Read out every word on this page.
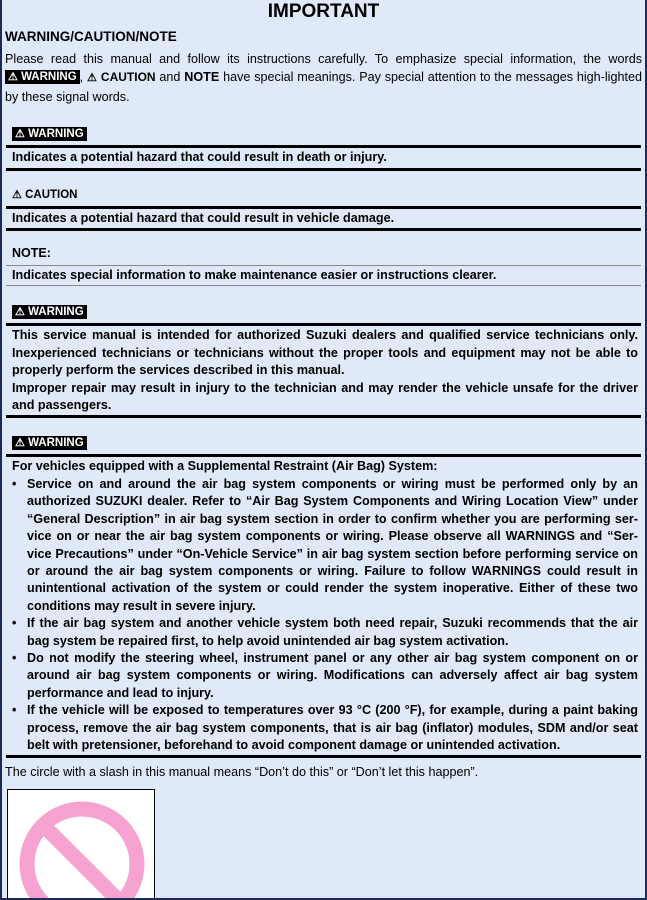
IMPORTANT
WARNING/CAUTION/NOTE

Please read this manual and follow its instructions carefully. To emphasize special information, the words ⚠ WARNING , ⚠ CAUTION and NOTE have special meanings. Pay special attention to the messages high-lighted by these signal words.

⚠ WARNING
Indicates a potential hazard that could result in death or injury.
⚠ CAUTION
Indicates a potential hazard that could result in vehicle damage.
NOTE:
Indicates special information to make maintenance easier or instructions clearer.
⚠ WARNING
This service manual is intended for authorized Suzuki dealers and qualified service technicians only. Inexperienced technicians or technicians without the proper tools and equipment may not be able to properly perform the services described in this manual.
Improper repair may result in injury to the technician and may render the vehicle unsafe for the driver and passengers.
⚠ WARNING
For vehicles equipped with a Supplemental Restraint (Air Bag) System:
• Service on and around the air bag system components or wiring must be performed only by an authorized SUZUKI dealer. Refer to “Air Bag System Components and Wiring Location View” under “General Description” in air bag system section in order to confirm whether you are performing ser-vice on or near the air bag system components or wiring. Please observe all WARNINGS and “Ser-vice Precautions” under “On-Vehicle Service” in air bag system section before performing service on or around the air bag system components or wiring. Failure to follow WARNINGS could result in unintentional activation of the system or could render the system inoperative. Either of these two conditions may result in severe injury.
• If the air bag system and another vehicle system both need repair, Suzuki recommends that the air bag system be repaired first, to help avoid unintended air bag system activation.
• Do not modify the steering wheel, instrument panel or any other air bag system component on or around air bag system components or wiring. Modifications can adversely affect air bag system performance and lead to injury.
• If the vehicle will be exposed to temperatures over 93 °C (200 °F), for example, during a paint baking process, remove the air bag system components, that is air bag (inflator) modules, SDM and/or seat belt with pretensioner, beforehand to avoid component damage or unintended activation.
The circle with a slash in this manual means “Don’t do this” or “Don’t let this happen”.
